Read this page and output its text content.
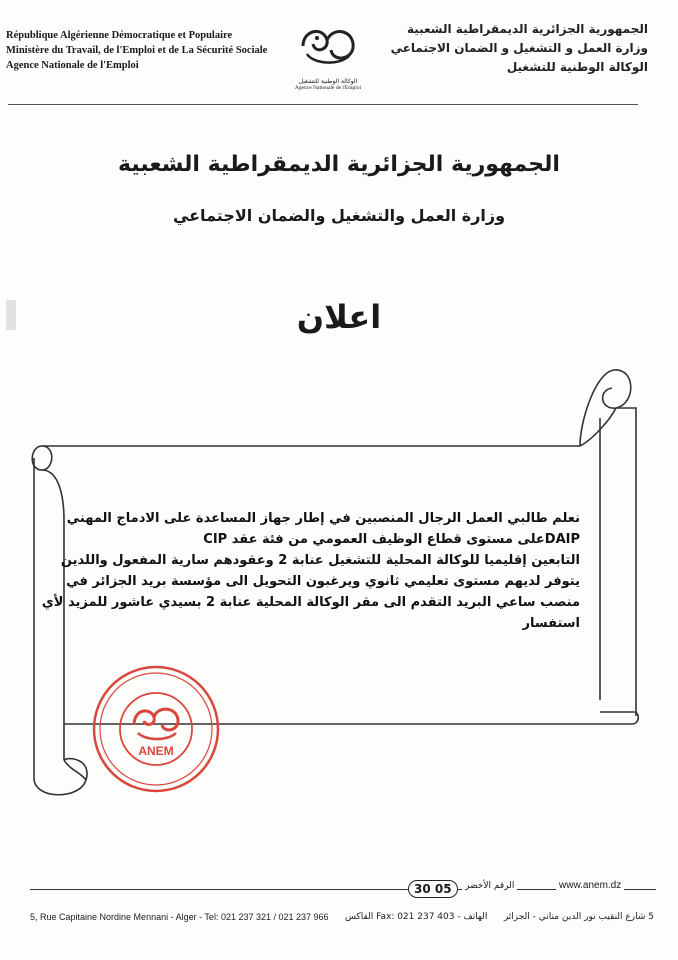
République Algérienne Démocratique et Populaire
Ministère du Travail, de l'Emploi et de La Sécurité Sociale
Agence Nationale de l'Emploi
الوكالة الوطنية للتشغيل
Agence Nationale de l'Emploi
الجمهورية الجزائرية الديمقراطية الشعبية
وزارة العمل و التشغيل و الضمان الاجتماعي
الوكالة الوطنية للتشغيل
الجمهورية الجزائرية الديمقراطية الشعبية
وزارة العمل والتشغيل والضمان الاجتماعي
اعلان
نعلم طالبي العمل الرجال المنصبين في إطار جهاز المساعدة على الادماج المهني
DAIPعلى مستوى قطاع الوظيف العمومي من فئة عقد CIP
التابعين إقليميا للوكالة المحلية للتشغيل عنابة 2 وعقودهم سارية المفعول واللدين
يتوفر لديهم مستوى تعليمي ثانوي ويرغبون التحويل الى مؤسسة بريد الجزائر في
منصب ساعي البريد التقدم الى مقر الوكالة المحلية عنابة 2 بسيدي عاشور للمزيد لأي
استفسار
ANEM
30 05	الرقم الأخضر	www.anem.dz
5, Rue Capitaine Nordine Mennani - Alger - Tel: 021 237 321 / 021 237 966 الهاتف - Fax: 021 237 403 الفاكس 5 شارع النقيب نور الدين مناني - الجزائر
